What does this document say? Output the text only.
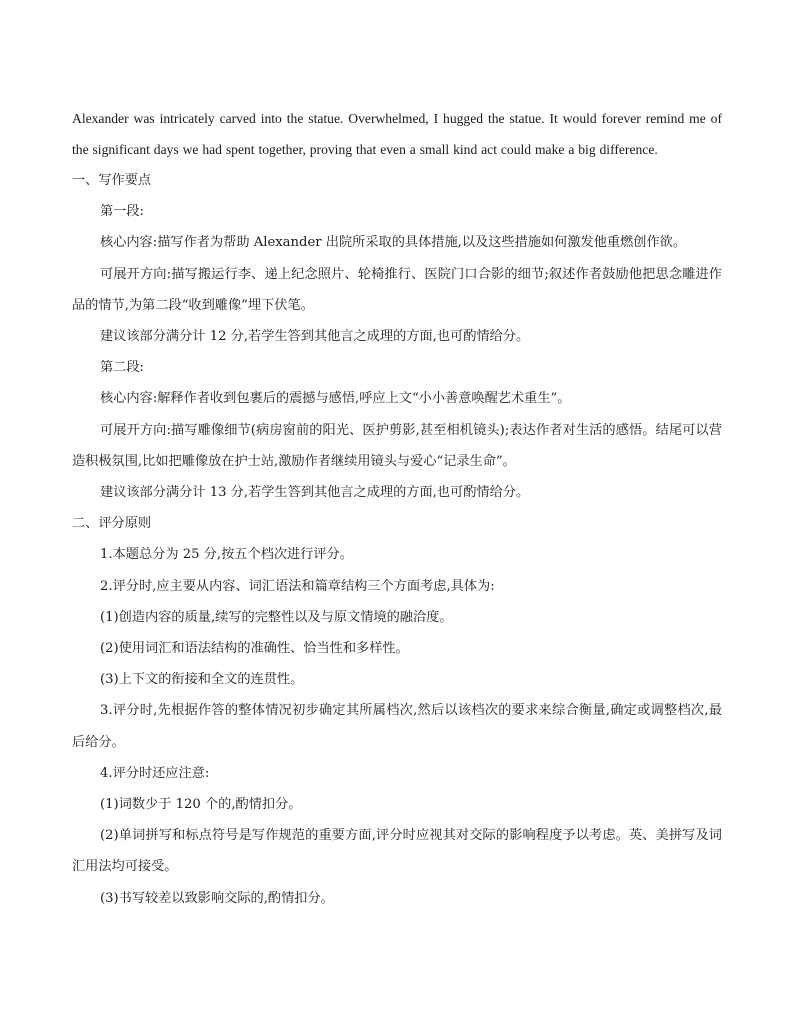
Alexander was intricately carved into the statue. Overwhelmed, I hugged the statue. It would forever remind me of the significant days we had spent together, proving that even a small kind act could make a big difference.

一、写作要点

第一段:

核心内容:描写作者为帮助 Alexander 出院所采取的具体措施,以及这些措施如何激发他重燃创作欲。

可展开方向:描写搬运行李、递上纪念照片、轮椅推行、医院门口合影的细节;叙述作者鼓励他把思念雕进作品的情节,为第二段“收到雕像”埋下伏笔。

建议该部分满分计 12 分,若学生答到其他言之成理的方面,也可酌情给分。

第二段:

核心内容:解释作者收到包裹后的震撼与感悟,呼应上文“小小善意唤醒艺术重生”。

可展开方向:描写雕像细节(病房窗前的阳光、医护剪影,甚至相机镜头);表达作者对生活的感悟。结尾可以营造积极氛围,比如把雕像放在护士站,激励作者继续用镜头与爱心“记录生命”。

建议该部分满分计 13 分,若学生答到其他言之成理的方面,也可酌情给分。

二、评分原则

1.本题总分为 25 分,按五个档次进行评分。

2.评分时,应主要从内容、词汇语法和篇章结构三个方面考虑,具体为:

(1)创造内容的质量,续写的完整性以及与原文情境的融洽度。

(2)使用词汇和语法结构的准确性、恰当性和多样性。

(3)上下文的衔接和全文的连贯性。

3.评分时,先根据作答的整体情况初步确定其所属档次,然后以该档次的要求来综合衡量,确定或调整档次,最后给分。

4.评分时还应注意:

(1)词数少于 120 个的,酌情扣分。

(2)单词拼写和标点符号是写作规范的重要方面,评分时应视其对交际的影响程度予以考虑。英、美拼写及词汇用法均可接受。

(3)书写较差以致影响交际的,酌情扣分。
